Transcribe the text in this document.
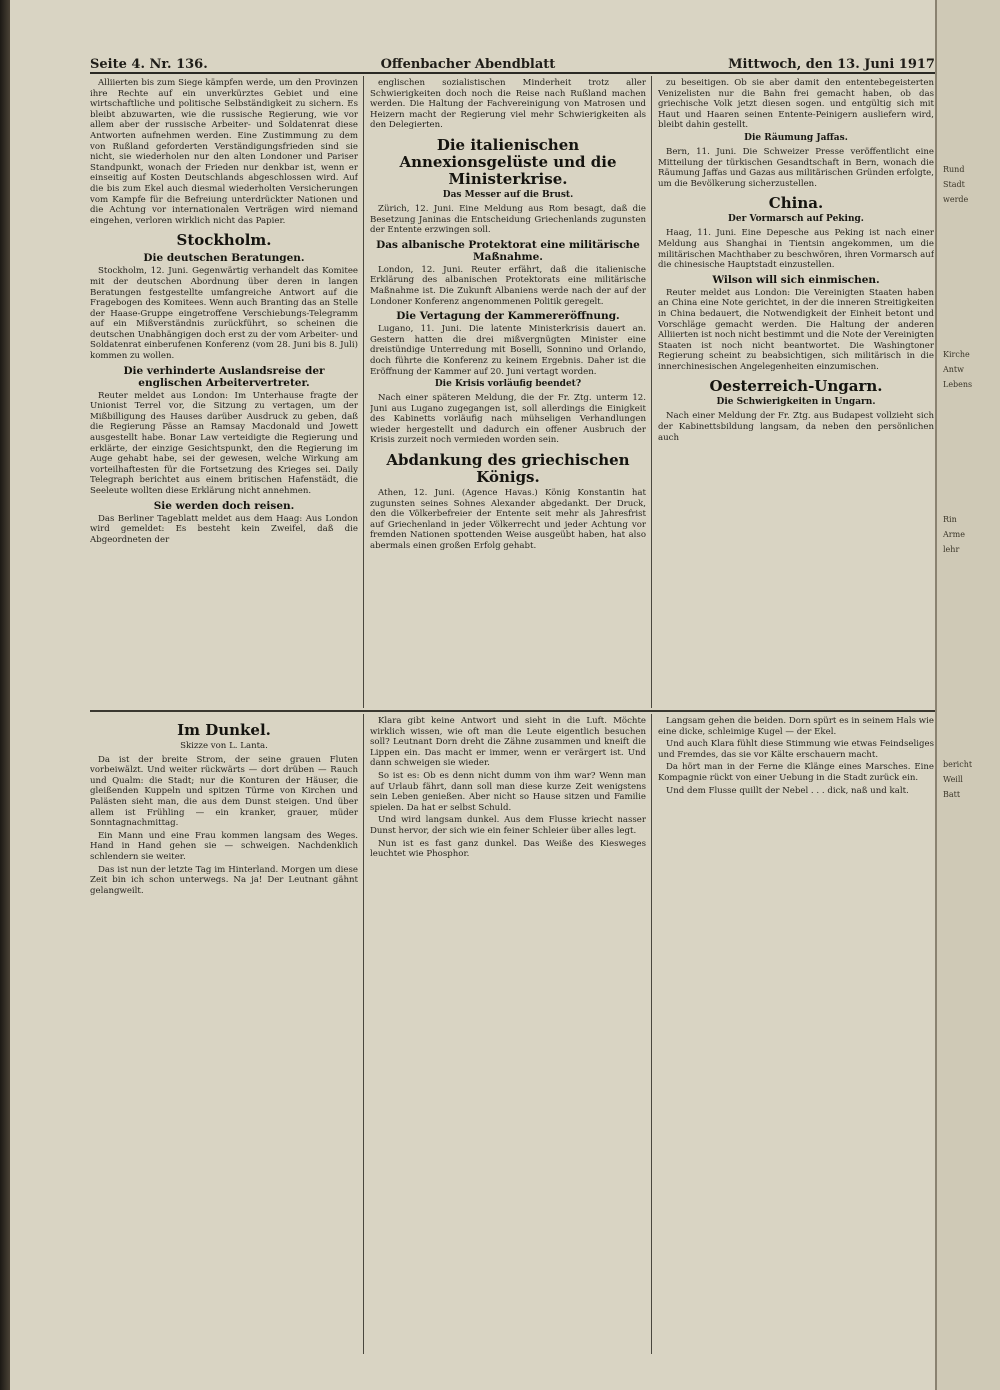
Seite 4. Nr. 136.	Offenbacher Abendblatt	Mittwoch, den 13. Juni 1917

Alliierten bis zum Siege kämpfen werde, um den Provinzen ihre Rechte auf ein unverkürztes Gebiet und eine wirtschaftliche und politische Selbständigkeit zu sichern. Es bleibt abzuwarten, wie die russische Regierung, wie vor allem aber der russische Arbeiter- und Soldatenrat diese Antworten aufnehmen werden. Eine Zustimmung zu dem von Rußland geforderten Verständigungsfrieden sind sie nicht, sie wiederholen nur den alten Londoner und Pariser Standpunkt, wonach der Frieden nur denkbar ist, wenn er einseitig auf Kosten Deutschlands abgeschlossen wird. Auf die bis zum Ekel auch diesmal wiederholten Versicherungen vom Kampfe für die Befreiung unterdrückter Nationen und die Achtung vor internationalen Verträgen wird niemand eingehen, verloren wirklich nicht das Papier.

Stockholm.
Die deutschen Beratungen.

Stockholm, 12. Juni. Gegenwärtig verhandelt das Komitee mit der deutschen Abordnung über deren in langen Beratungen festgestellte umfangreiche Antwort auf die Fragebogen des Komitees. Wenn auch Branting das an Stelle der Haase-Gruppe eingetroffene Verschiebungs-Telegramm auf ein Mißverständnis zurückführt, so scheinen die deutschen Unabhängigen doch erst zu der vom Arbeiter- und Soldatenrat einberufenen Konferenz (vom 28. Juni bis 8. Juli) kommen zu wollen.

Die verhinderte Auslandsreise der englischen Arbeitervertreter.

Reuter meldet aus London: Im Unterhause fragte der Unionist Terrel vor, die Sitzung zu vertagen, um der Mißbilligung des Hauses darüber Ausdruck zu geben, daß die Regierung Pässe an Ramsay Macdonald und Jowett ausgestellt habe. Bonar Law verteidigte die Regierung und erklärte, der einzige Gesichtspunkt, den die Regierung im Auge gehabt habe, sei der gewesen, welche Wirkung am vorteilhaftesten für die Fortsetzung des Krieges sei. Daily Telegraph berichtet aus einem britischen Hafenstädt, die Seeleute wollten diese Erklärung nicht annehmen.

Sie werden doch reisen.

Das Berliner Tageblatt meldet aus dem Haag: Aus London wird gemeldet: Es besteht kein Zweifel, daß die Abgeordneten der

englischen sozialistischen Minderheit trotz aller Schwierigkeiten doch noch die Reise nach Rußland machen werden. Die Haltung der Fachvereinigung von Matrosen und Heizern macht der Regierung viel mehr Schwierigkeiten als den Delegierten.

Die italienischen Annexionsgelüste und die Ministerkrise.
Das Messer auf die Brust.

Zürich, 12. Juni. Eine Meldung aus Rom besagt, daß die Besetzung Janinas die Entscheidung Griechenlands zugunsten der Entente erzwingen soll.

Das albanische Protektorat eine militärische Maßnahme.

London, 12. Juni. Reuter erfährt, daß die italienische Erklärung des albanischen Protektorats eine militärische Maßnahme ist. Die Zukunft Albaniens werde nach der auf der Londoner Konferenz angenommenen Politik geregelt.

Die Vertagung der Kammereröffnung.

Lugano, 11. Juni. Die latente Ministerkrisis dauert an. Gestern hatten die drei mißvergnügten Minister eine dreistündige Unterredung mit Boselli, Sonnino und Orlando, doch führte die Konferenz zu keinem Ergebnis. Daher ist die Eröffnung der Kammer auf 20. Juni vertagt worden.

Die Krisis vorläufig beendet?

Nach einer späteren Meldung, die der Fr. Ztg. unterm 12. Juni aus Lugano zugegangen ist, soll allerdings die Einigkeit des Kabinetts vorläufig nach mühseligen Verhandlungen wieder hergestellt und dadurch ein offener Ausbruch der Krisis zurzeit noch vermieden worden sein.

Abdankung des griechischen Königs.

Athen, 12. Juni. (Agence Havas.) König Konstantin hat zugunsten seines Sohnes Alexander abgedankt. Der Druck, den die Völkerbefreier der Entente seit mehr als Jahresfrist auf Griechenland in jeder Völkerrecht und jeder Achtung vor fremden Nationen spottenden Weise ausgeübt haben, hat also abermals einen großen Erfolg gehabt.

zu beseitigen. Ob sie aber damit den ententebegeisterten Venizelisten nur die Bahn frei gemacht haben, ob das griechische Volk jetzt diesen sogen. und entgültig sich mit Haut und Haaren seinen Entente-Peinigern ausliefern wird, bleibt dahin gestellt.

Die Räumung Jaffas.

Bern, 11. Juni. Die Schweizer Presse veröffentlicht eine Mitteilung der türkischen Gesandtschaft in Bern, wonach die Räumung Jaffas und Gazas aus militärischen Gründen erfolgte, um die Bevölkerung sicherzustellen.

China.
Der Vormarsch auf Peking.

Haag, 11. Juni. Eine Depesche aus Peking ist nach einer Meldung aus Shanghai in Tientsin angekommen, um die militärischen Machthaber zu beschwören, ihren Vormarsch auf die chinesische Hauptstadt einzustellen.

Wilson will sich einmischen.

Reuter meldet aus London: Die Vereinigten Staaten haben an China eine Note gerichtet, in der die inneren Streitigkeiten in China bedauert, die Notwendigkeit der Einheit betont und Vorschläge gemacht werden. Die Haltung der anderen Alliierten ist noch nicht bestimmt und die Note der Vereinigten Staaten ist noch nicht beantwortet. Die Washingtoner Regierung scheint zu beabsichtigen, sich militärisch in die innerchinesischen Angelegenheiten einzumischen.

Oesterreich-Ungarn.
Die Schwierigkeiten in Ungarn.

Nach einer Meldung der Fr. Ztg. aus Budapest vollzieht sich der Kabinettsbildung langsam, da neben den persönlichen auch

Im Dunkel.
Skizze von L. Lanta.

Da ist der breite Strom, der seine grauen Fluten vorbeiwälzt. Und weiter rückwärts — dort drüben — Rauch und Qualm: die Stadt; nur die Konturen der Häuser, die gleißenden Kuppeln und spitzen Türme von Kirchen und Palästen sieht man, die aus dem Dunst steigen. Und über allem ist Frühling — ein kranker, grauer, müder Sonntagnachmittag.

Ein Mann und eine Frau kommen langsam des Weges. Hand in Hand gehen sie — schweigen. Nachdenklich schlendern sie weiter.

Das ist nun der letzte Tag im Hinterland. Morgen um diese Zeit bin ich schon unterwegs. Na ja! Der Leutnant gähnt gelangweilt.

Klara gibt keine Antwort und sieht in die Luft. Möchte wirklich wissen, wie oft man die Leute eigentlich besuchen soll? Leutnant Dorn dreht die Zähne zusammen und kneift die Lippen ein. Das macht er immer, wenn er verärgert ist. Und dann schweigen sie wieder.

So ist es: Ob es denn nicht dumm von ihm war? Wenn man auf Urlaub fährt, dann soll man diese kurze Zeit wenigstens sein Leben genießen. Aber nicht so Hause sitzen und Familie spielen. Da hat er selbst Schuld.

Und wird langsam dunkel. Aus dem Flusse kriecht nasser Dunst hervor, der sich wie ein feiner Schleier über alles legt.

Nun ist es fast ganz dunkel. Das Weiße des Kiesweges leuchtet wie Phosphor.

Langsam gehen die beiden. Dorn spürt es in seinem Hals wie eine dicke, schleimige Kugel — der Ekel.

Und auch Klara fühlt diese Stimmung wie etwas Feindseliges und Fremdes, das sie vor Kälte erschauern macht.

Da hört man in der Ferne die Klänge eines Marsches. Eine Kompagnie rückt von einer Uebung in die Stadt zurück ein.

Und dem Flusse quillt der Nebel . . . dick, naß und kalt.

Rund
Stadt
werde
Kirche
Antw
Lebens
Rin
Arme
lehr
bericht
Weill
Batt
